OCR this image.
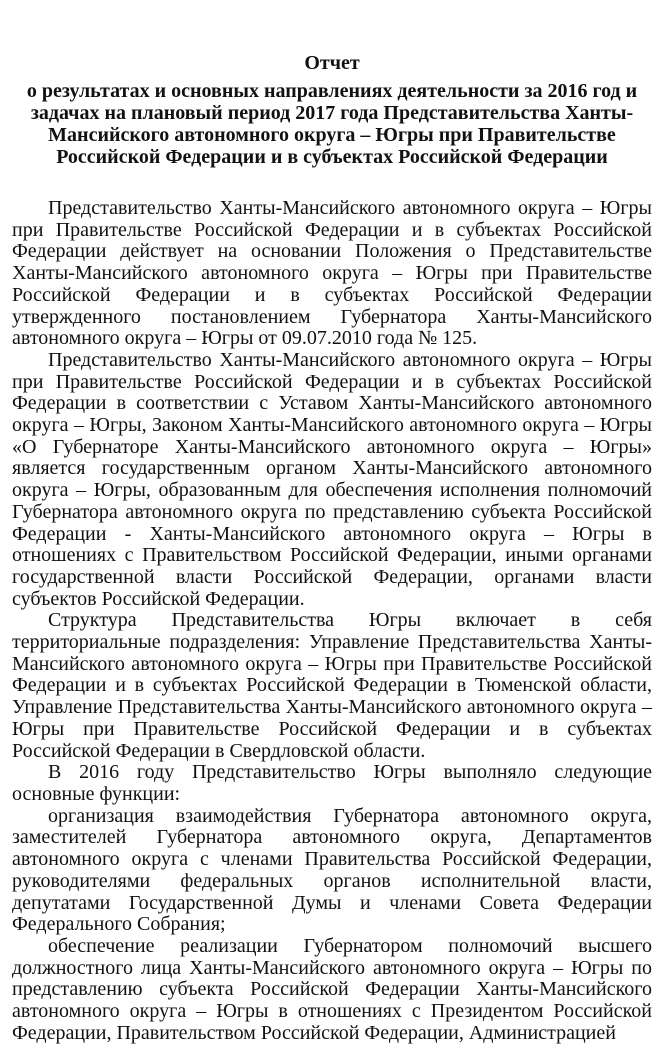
Отчет
о результатах и основных направлениях деятельности за 2016 год и
задачах на плановый период 2017 года Представительства Ханты-
Мансийского автономного округа – Югры при Правительстве
Российской Федерации и в субъектах Российской Федерации

Представительство Ханты-Мансийского автономного округа – Югры при Правительстве Российской Федерации и в субъектах Российской Федерации действует на основании Положения о Представительстве Ханты-Мансийского автономного округа – Югры при Правительстве Российской Федерации и в субъектах Российской Федерации утвержденного постановлением Губернатора Ханты-Мансийского автономного округа – Югры от 09.07.2010 года № 125.

Представительство Ханты-Мансийского автономного округа – Югры при Правительстве Российской Федерации и в субъектах Российской Федерации в соответствии с Уставом Ханты-Мансийского автономного округа – Югры, Законом Ханты-Мансийского автономного округа – Югры «О Губернаторе Ханты-Мансийского автономного округа – Югры» является государственным органом Ханты-Мансийского автономного округа – Югры, образованным для обеспечения исполнения полномочий Губернатора автономного округа по представлению субъекта Российской Федерации - Ханты-Мансийского автономного округа – Югры в отношениях с Правительством Российской Федерации, иными органами государственной власти Российской Федерации, органами власти субъектов Российской Федерации.

Структура Представительства Югры включает в себя территориальные подразделения: Управление Представительства Ханты-Мансийского автономного округа – Югры при Правительстве Российской Федерации и в субъектах Российской Федерации в Тюменской области, Управление Представительства Ханты-Мансийского автономного округа – Югры при Правительстве Российской Федерации и в субъектах Российской Федерации в Свердловской области.

В 2016 году Представительство Югры выполняло следующие основные функции:

организация взаимодействия Губернатора автономного округа, заместителей Губернатора автономного округа, Департаментов автономного округа с членами Правительства Российской Федерации, руководителями федеральных органов исполнительной власти, депутатами Государственной Думы и членами Совета Федерации Федерального Собрания;

обеспечение реализации Губернатором полномочий высшего должностного лица Ханты-Мансийского автономного округа – Югры по представлению субъекта Российской Федерации Ханты-Мансийского автономного округа – Югры в отношениях с Президентом Российской Федерации, Правительством Российской Федерации, Администрацией
